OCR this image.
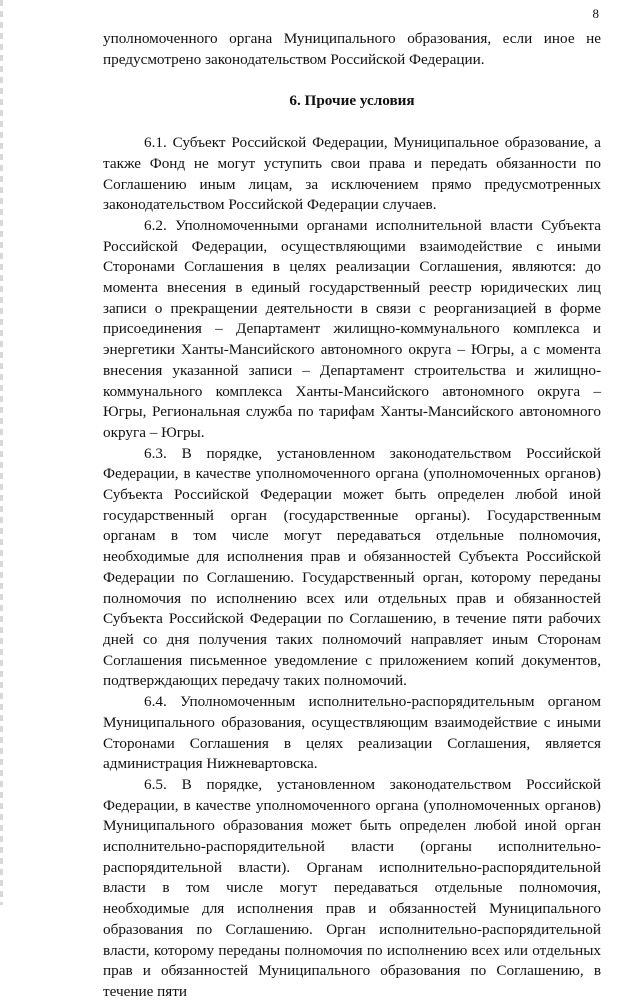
8

уполномоченного органа Муниципального образования, если иное не предусмотрено законодательством Российской Федерации.

6. Прочие условия

6.1. Субъект Российской Федерации, Муниципальное образование, а также Фонд не могут уступить свои права и передать обязанности по Соглашению иным лицам, за исключением прямо предусмотренных законодательством Российской Федерации случаев.

6.2. Уполномоченными органами исполнительной власти Субъекта Российской Федерации, осуществляющими взаимодействие с иными Сторонами Соглашения в целях реализации Соглашения, являются: до момента внесения в единый государственный реестр юридических лиц записи о прекращении деятельности в связи с реорганизацией в форме присоединения – Департамент жилищно-коммунального комплекса и энергетики Ханты-Мансийского автономного округа – Югры, а с момента внесения указанной записи – Департамент строительства и жилищно-коммунального комплекса Ханты-Мансийского автономного округа – Югры, Региональная служба по тарифам Ханты-Мансийского автономного округа – Югры.

6.3. В порядке, установленном законодательством Российской Федерации, в качестве уполномоченного органа (уполномоченных органов) Субъекта Российской Федерации может быть определен любой иной государственный орган (государственные органы). Государственным органам в том числе могут передаваться отдельные полномочия, необходимые для исполнения прав и обязанностей Субъекта Российской Федерации по Соглашению. Государственный орган, которому переданы полномочия по исполнению всех или отдельных прав и обязанностей Субъекта Российской Федерации по Соглашению, в течение пяти рабочих дней со дня получения таких полномочий направляет иным Сторонам Соглашения письменное уведомление с приложением копий документов, подтверждающих передачу таких полномочий.

6.4. Уполномоченным исполнительно-распорядительным органом Муниципального образования, осуществляющим взаимодействие с иными Сторонами Соглашения в целях реализации Соглашения, является администрация Нижневартовска.

6.5. В порядке, установленном законодательством Российской Федерации, в качестве уполномоченного органа (уполномоченных органов) Муниципального образования может быть определен любой иной орган исполнительно-распорядительной власти (органы исполнительно-распорядительной власти). Органам исполнительно-распорядительной власти в том числе могут передаваться отдельные полномочия, необходимые для исполнения прав и обязанностей Муниципального образования по Соглашению. Орган исполнительно-распорядительной власти, которому переданы полномочия по исполнению всех или отдельных прав и обязанностей Муниципального образования по Соглашению, в течение пяти
